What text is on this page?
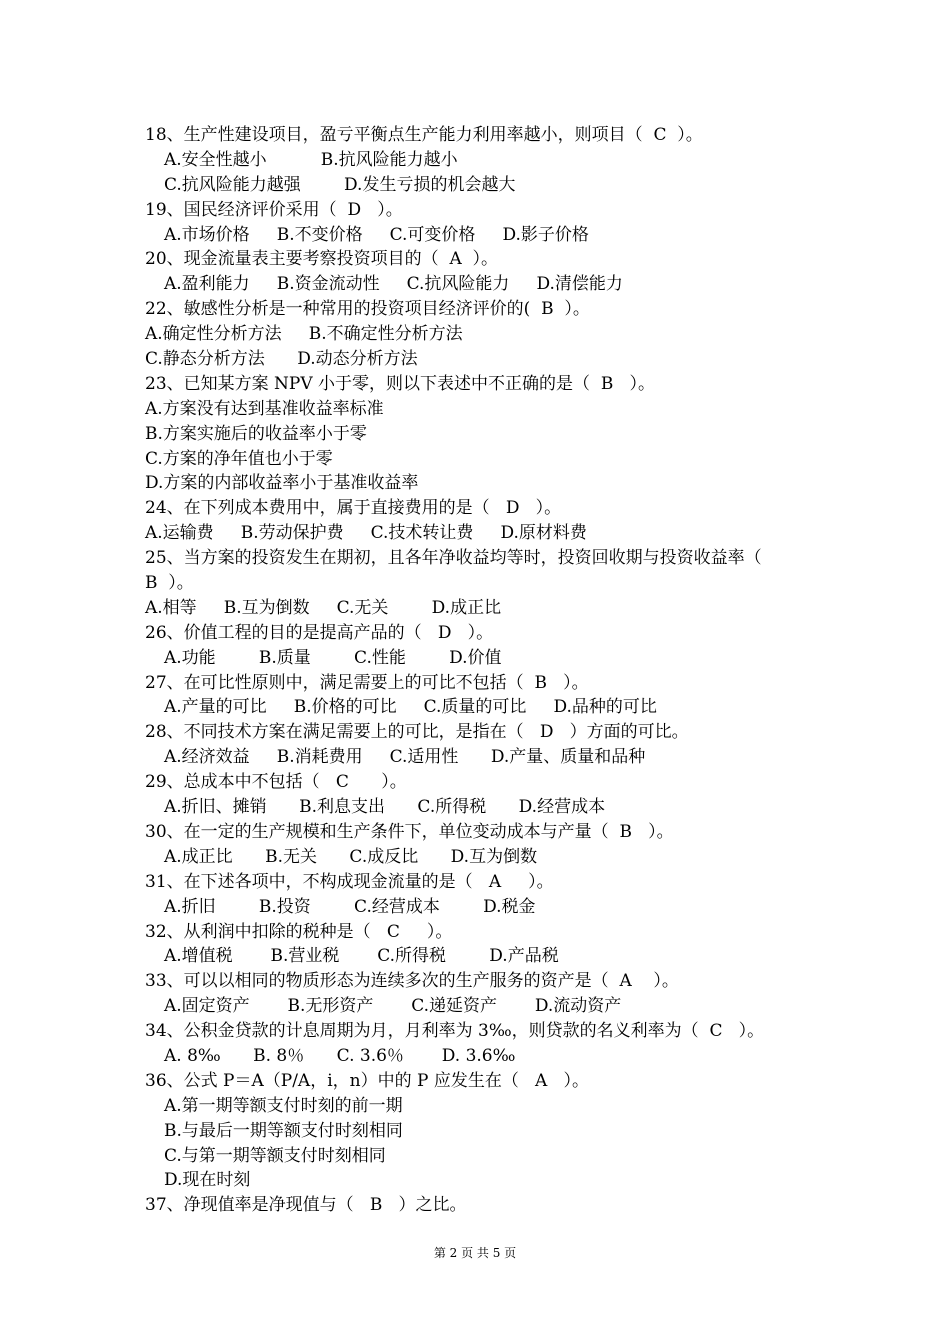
18、生产性建设项目，盈亏平衡点生产能力利用率越小，则项目（  C  ）。
A.安全性越小          B.抗风险能力越小
C.抗风险能力越强        D.发生亏损的机会越大
19、国民经济评价采用（  D   ）。
A.市场价格     B.不变价格     C.可变价格     D.影子价格
20、现金流量表主要考察投资项目的（  A  ）。
A.盈利能力     B.资金流动性     C.抗风险能力     D.清偿能力
22、敏感性分析是一种常用的投资项目经济评价的(  B  ）。
A.确定性分析方法     B.不确定性分析方法
C.静态分析方法      D.动态分析方法
23、已知某方案 NPV 小于零，则以下表述中不正确的是（  B   ）。
A.方案没有达到基准收益率标准
B.方案实施后的收益率小于零
C.方案的净年值也小于零
D.方案的内部收益率小于基准收益率
24、在下列成本费用中，属于直接费用的是（   D   ）。
A.运输费     B.劳动保护费     C.技术转让费     D.原材料费
25、当方案的投资发生在期初，且各年净收益均等时，投资回收期与投资收益率（
B  ）。
A.相等     B.互为倒数     C.无关        D.成正比
26、价值工程的目的是提高产品的（   D   ）。
A.功能        B.质量        C.性能        D.价值
27、在可比性原则中，满足需要上的可比不包括（  B   ）。
A.产量的可比     B.价格的可比     C.质量的可比     D.品种的可比
28、不同技术方案在满足需要上的可比，是指在（   D   ）方面的可比。
A.经济效益     B.消耗费用     C.适用性      D.产量、质量和品种
29、总成本中不包括（   C      ）。
A.折旧、摊销      B.利息支出      C.所得税      D.经营成本
30、在一定的生产规模和生产条件下，单位变动成本与产量（  B   ）。
A.成正比      B.无关      C.成反比      D.互为倒数
31、在下述各项中，不构成现金流量的是（   A     ）。
A.折旧        B.投资        C.经营成本        D.税金
32、从利润中扣除的税种是（   C     ）。
A.增值税       B.营业税       C.所得税        D.产品税
33、可以以相同的物质形态为连续多次的生产服务的资产是（  A    ）。
A.固定资产       B.无形资产       C.递延资产       D.流动资产
34、公积金贷款的计息周期为月，月利率为 3‰，则贷款的名义利率为（  C   ）。
A. 8‰      B. 8％      C. 3.6％       D. 3.6‰
36、公式 P＝A（P/A，i，n）中的 P 应发生在（   A   ）。
A.第一期等额支付时刻的前一期
B.与最后一期等额支付时刻相同
C.与第一期等额支付时刻相同
D.现在时刻
37、净现值率是净现值与（   B   ）之比。
第 2 页 共 5 页
